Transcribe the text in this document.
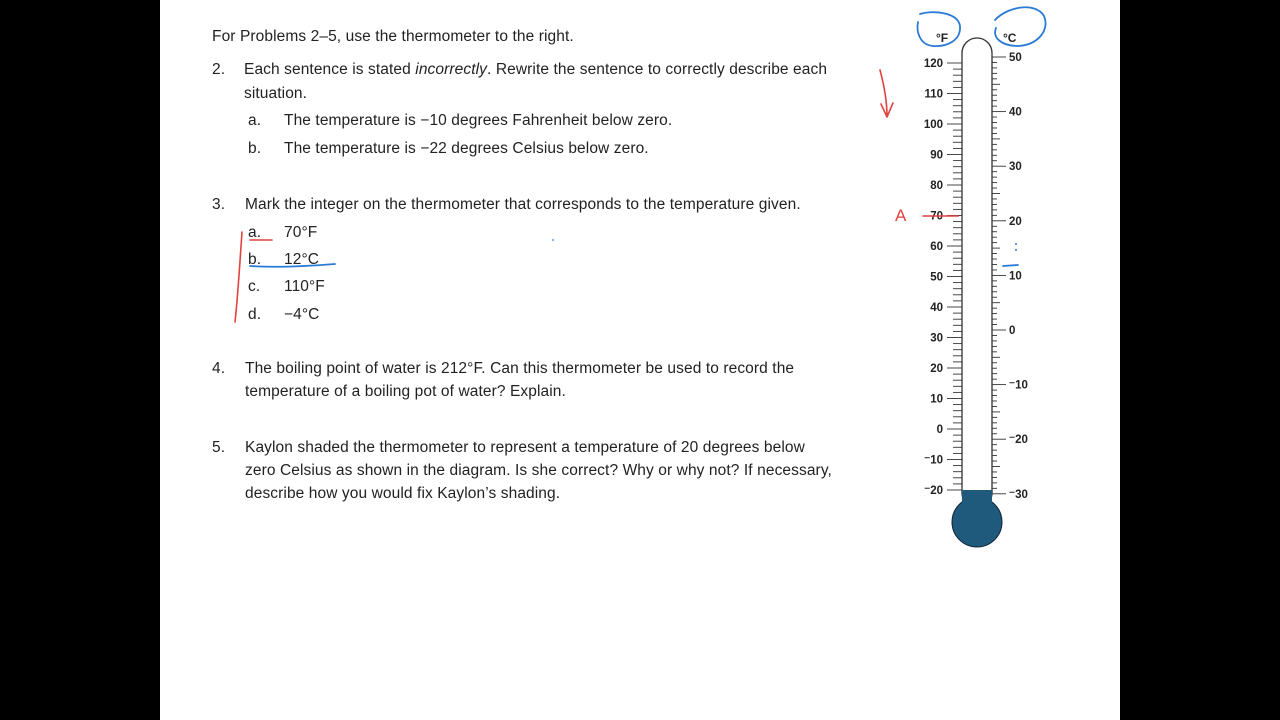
For Problems 2–5, use the thermometer to the right.
2. Each sentence is stated incorrectly. Rewrite the sentence to correctly describe each
situation.
a. The temperature is −10 degrees Fahrenheit below zero.
b. The temperature is −22 degrees Celsius below zero.
3. Mark the integer on the thermometer that corresponds to the temperature given.
a. 70°F
b. 12°C
c. 110°F
d. −4°C
4. The boiling point of water is 212°F. Can this thermometer be used to record the
temperature of a boiling pot of water? Explain.
5. Kaylon shaded the thermometer to represent a temperature of 20 degrees below
zero Celsius as shown in the diagram. Is she correct? Why or why not? If necessary,
describe how you would fix Kaylon’s shading.
°F	°C
120
110
100
90
80
70
60
50
40
30
20
10
0
⁻10
⁻20
50
40
30
20
10
0
⁻10
⁻20
⁻30
A
